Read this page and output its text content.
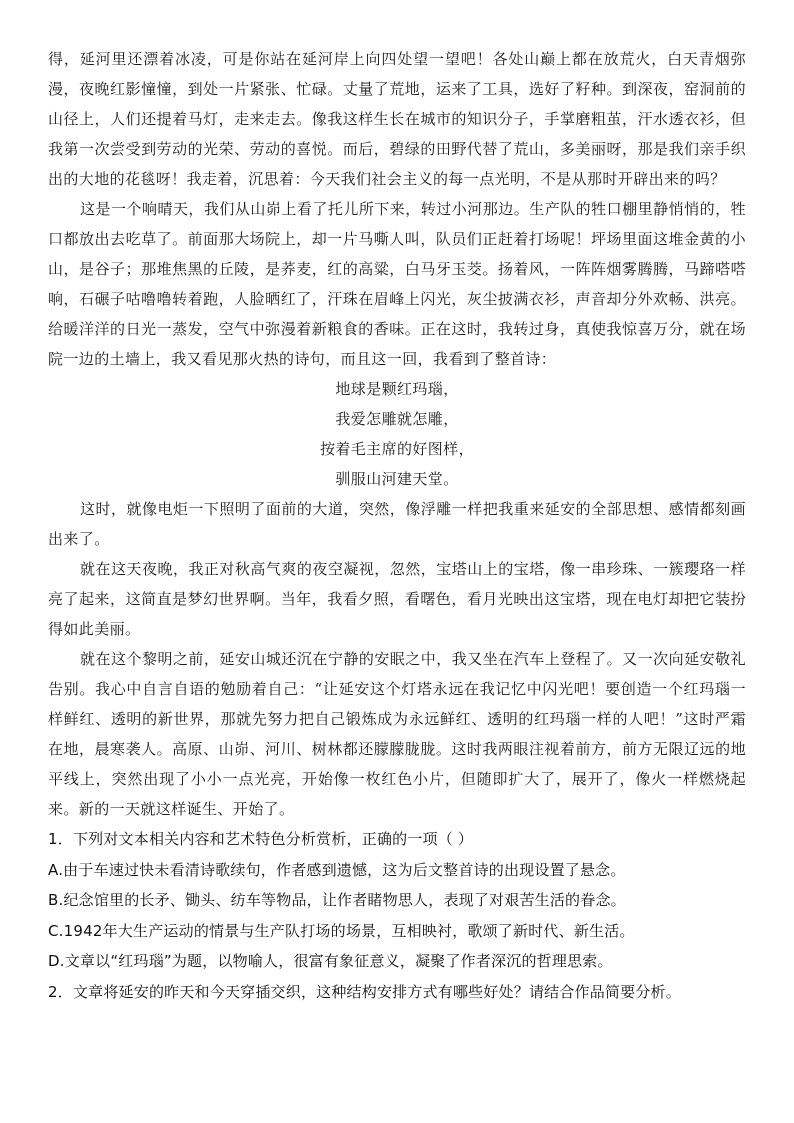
得，延河里还漂着冰凌，可是你站在延河岸上向四处望一望吧！各处山巅上都在放荒火，白天青烟弥漫，夜晚红影憧憧，到处一片紧张、忙碌。丈量了荒地，运来了工具，选好了籽种。到深夜，窑洞前的山径上，人们还提着马灯，走来走去。像我这样生长在城市的知识分子，手掌磨粗茧，汗水透衣衫，但我第一次尝受到劳动的光荣、劳动的喜悦。而后，碧绿的田野代替了荒山，多美丽呀，那是我们亲手织出的大地的花毯呀！我走着，沉思着：今天我们社会主义的每一点光明，不是从那时开辟出来的吗？

这是一个响晴天，我们从山峁上看了托儿所下来，转过小河那边。生产队的牲口棚里静悄悄的，牲口都放出去吃草了。前面那大场院上，却一片马嘶人叫，队员们正赶着打场呢！坪场里面这堆金黄的小山，是谷子；那堆焦黑的丘陵，是荞麦，红的高粱，白马牙玉茭。扬着风，一阵阵烟雾腾腾，马蹄嗒嗒响，石碾子咕噜噜转着跑，人脸晒红了，汗珠在眉峰上闪光，灰尘披满衣衫，声音却分外欢畅、洪亮。给暖洋洋的日光一蒸发，空气中弥漫着新粮食的香味。正在这时，我转过身，真使我惊喜万分，就在场院一边的土墙上，我又看见那火热的诗句，而且这一回，我看到了整首诗：

地球是颗红玛瑙，
我爱怎雕就怎雕，
按着毛主席的好图样，
驯服山河建天堂。

这时，就像电炬一下照明了面前的大道，突然，像浮雕一样把我重来延安的全部思想、感情都刻画出来了。

就在这天夜晚，我正对秋高气爽的夜空凝视，忽然，宝塔山上的宝塔，像一串珍珠、一簇璎珞一样亮了起来，这简直是梦幻世界啊。当年，我看夕照，看曙色，看月光映出这宝塔，现在电灯却把它装扮得如此美丽。

就在这个黎明之前，延安山城还沉在宁静的安眠之中，我又坐在汽车上登程了。又一次向延安敬礼告别。我心中自言自语的勉励着自己：“让延安这个灯塔永远在我记忆中闪光吧！要创造一个红玛瑙一样鲜红、透明的新世界，那就先努力把自己锻炼成为永远鲜红、透明的红玛瑙一样的人吧！”这时严霜在地，晨寒袭人。高原、山峁、河川、树林都还朦朦胧胧。这时我两眼注视着前方，前方无限辽远的地平线上，突然出现了小小一点光亮，开始像一枚红色小片，但随即扩大了，展开了，像火一样燃烧起来。新的一天就这样诞生、开始了。

1．下列对文本相关内容和艺术特色分析赏析，正确的一项（ ）

A.由于车速过快未看清诗歌续句，作者感到遗憾，这为后文整首诗的出现设置了悬念。

B.纪念馆里的长矛、锄头、纺车等物品，让作者睹物思人，表现了对艰苦生活的眷念。

C.1942年大生产运动的情景与生产队打场的场景，互相映衬，歌颂了新时代、新生活。

D.文章以“红玛瑙”为题，以物喻人，很富有象征意义，凝聚了作者深沉的哲理思索。

2．文章将延安的昨天和今天穿插交织，这种结构安排方式有哪些好处？请结合作品简要分析。
